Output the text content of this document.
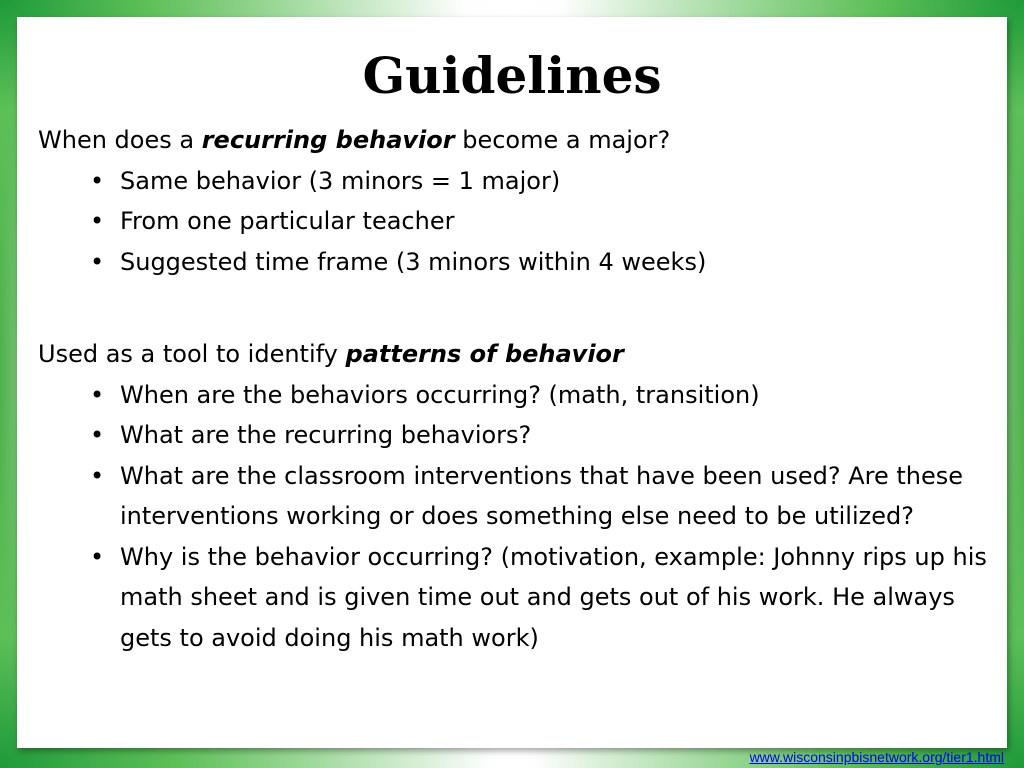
Guidelines
When does a recurring behavior become a major?
• Same behavior (3 minors = 1 major)
• From one particular teacher
• Suggested time frame (3 minors within 4 weeks)
Used as a tool to identify patterns of behavior
• When are the behaviors occurring? (math, transition)
• What are the recurring behaviors?
• What are the classroom interventions that have been used? Are these interventions working or does something else need to be utilized?
• Why is the behavior occurring? (motivation, example: Johnny rips up his math sheet and is given time out and gets out of his work. He always gets to avoid doing his math work)
www.wisconsinpbisnetwork.org/tier1.html
